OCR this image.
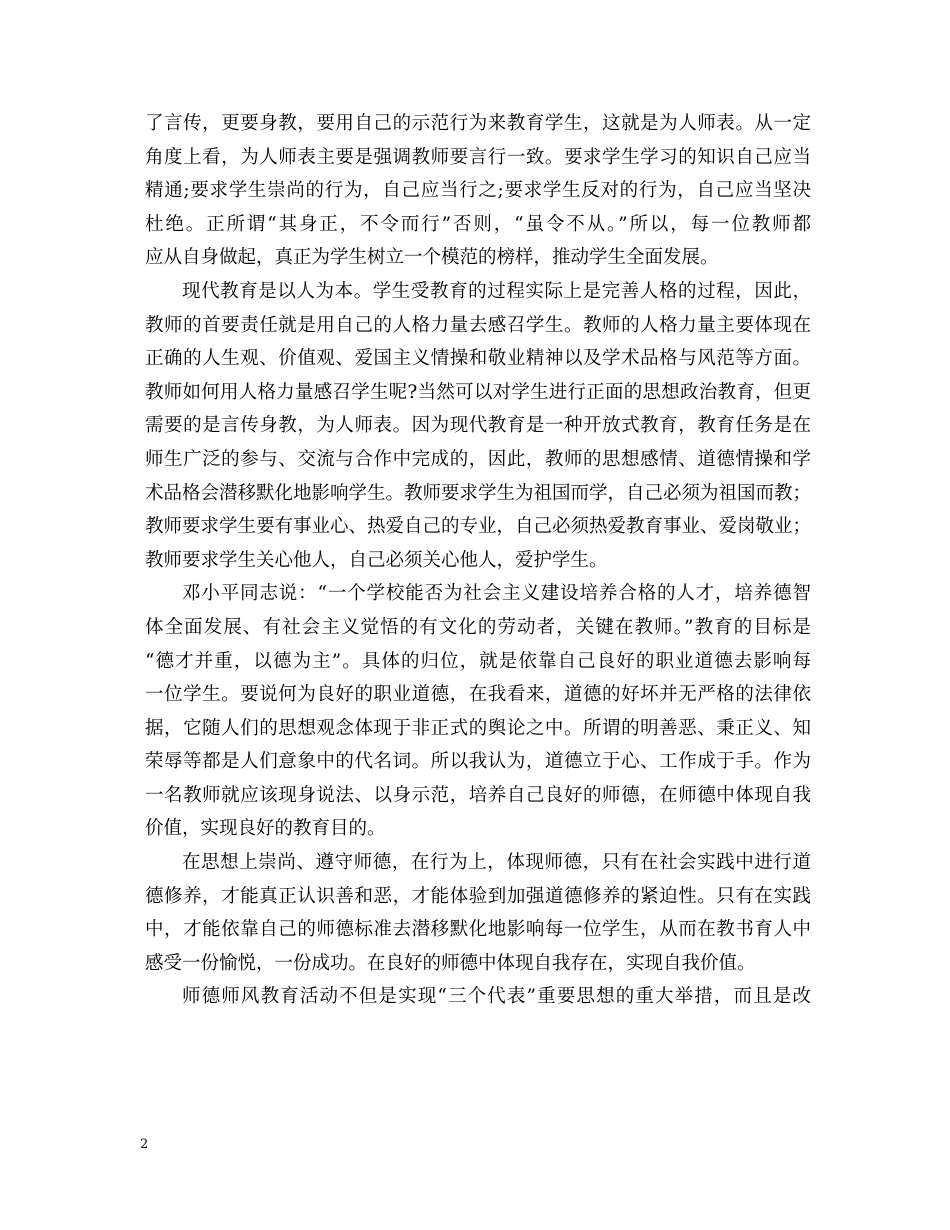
了言传，更要身教，要用自己的示范行为来教育学生，这就是为人师表。从一定
角度上看，为人师表主要是强调教师要言行一致。要求学生学习的知识自己应当
精通;要求学生崇尚的行为，自己应当行之;要求学生反对的行为，自己应当坚决
杜绝。正所谓“其身正，不令而行”否则，“虽令不从。”所以，每一位教师都
应从自身做起，真正为学生树立一个模范的榜样，推动学生全面发展。
现代教育是以人为本。学生受教育的过程实际上是完善人格的过程，因此，
教师的首要责任就是用自己的人格力量去感召学生。教师的人格力量主要体现在
正确的人生观、价值观、爱国主义情操和敬业精神以及学术品格与风范等方面。
教师如何用人格力量感召学生呢?当然可以对学生进行正面的思想政治教育，但更
需要的是言传身教，为人师表。因为现代教育是一种开放式教育，教育任务是在
师生广泛的参与、交流与合作中完成的，因此，教师的思想感情、道德情操和学
术品格会潜移默化地影响学生。教师要求学生为祖国而学，自己必须为祖国而教；
教师要求学生要有事业心、热爱自己的专业，自己必须热爱教育事业、爱岗敬业；
教师要求学生关心他人，自己必须关心他人，爱护学生。
邓小平同志说：“一个学校能否为社会主义建设培养合格的人才，培养德智
体全面发展、有社会主义觉悟的有文化的劳动者，关键在教师。”教育的目标是
“德才并重，以德为主”。具体的归位，就是依靠自己良好的职业道德去影响每
一位学生。要说何为良好的职业道德，在我看来，道德的好坏并无严格的法律依
据，它随人们的思想观念体现于非正式的舆论之中。所谓的明善恶、秉正义、知
荣辱等都是人们意象中的代名词。所以我认为，道德立于心、工作成于手。作为
一名教师就应该现身说法、以身示范，培养自己良好的师德，在师德中体现自我
价值，实现良好的教育目的。
在思想上崇尚、遵守师德，在行为上，体现师德，只有在社会实践中进行道
德修养，才能真正认识善和恶，才能体验到加强道德修养的紧迫性。只有在实践
中，才能依靠自己的师德标准去潜移默化地影响每一位学生，从而在教书育人中
感受一份愉悦，一份成功。在良好的师德中体现自我存在，实现自我价值。
师德师风教育活动不但是实现“三个代表”重要思想的重大举措，而且是改
2
